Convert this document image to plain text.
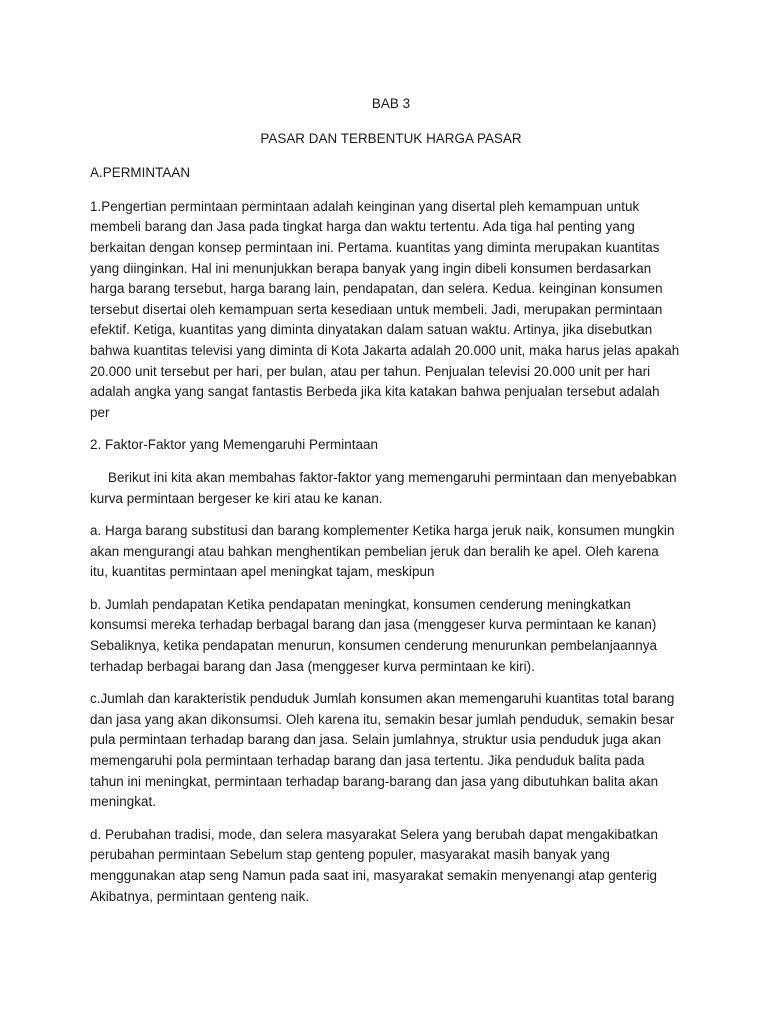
BAB 3
PASAR DAN TERBENTUK HARGA PASAR
A.PERMINTAAN

1.Pengertian permintaan permintaan adalah keinginan yang disertal pleh kemampuan untuk membeli barang dan Jasa pada tingkat harga dan waktu tertentu. Ada tiga hal penting yang berkaitan dengan konsep permintaan ini. Pertama. kuantitas yang diminta merupakan kuantitas yang diinginkan. Hal ini menunjukkan berapa banyak yang ingin dibeli konsumen berdasarkan harga barang tersebut, harga barang lain, pendapatan, dan selera. Kedua. keinginan konsumen tersebut disertai oleh kemampuan serta kesediaan untuk membeli. Jadi, merupakan permintaan efektif. Ketiga, kuantitas yang diminta dinyatakan dalam satuan waktu. Artinya, jika disebutkan bahwa kuantitas televisi yang diminta di Kota Jakarta adalah 20.000 unit, maka harus jelas apakah 20.000 unit tersebut per hari, per bulan, atau per tahun. Penjualan televisi 20.000 unit per hari adalah angka yang sangat fantastis Berbeda jika kita katakan bahwa penjualan tersebut adalah per

2. Faktor-Faktor yang Memengaruhi Permintaan

Berikut ini kita akan membahas faktor-faktor yang memengaruhi permintaan dan menyebabkan kurva permintaan bergeser ke kiri atau ke kanan.

a. Harga barang substitusi dan barang komplementer Ketika harga jeruk naik, konsumen mungkin akan mengurangi atau bahkan menghentikan pembelian jeruk dan beralih ke apel. Oleh karena itu, kuantitas permintaan apel meningkat tajam, meskipun

b. Jumlah pendapatan Ketika pendapatan meningkat, konsumen cenderung meningkatkan konsumsi mereka terhadap berbagal barang dan jasa (menggeser kurva permintaan ke kanan) Sebaliknya, ketika pendapatan menurun, konsumen cenderung menurunkan pembelanjaannya terhadap berbagai barang dan Jasa (menggeser kurva permintaan ke kiri).

c.Jumlah dan karakteristik penduduk Jumlah konsumen akan memengaruhi kuantitas total barang dan jasa yang akan dikonsumsi. Oleh karena itu, semakin besar jumlah penduduk, semakin besar pula permintaan terhadap barang dan jasa. Selain jumlahnya, struktur usia penduduk juga akan memengaruhi pola permintaan terhadap barang dan jasa tertentu. Jika penduduk balita pada tahun ini meningkat, permintaan terhadap barang-barang dan jasa yang dibutuhkan balita akan meningkat.

d. Perubahan tradisi, mode, dan selera masyarakat Selera yang berubah dapat mengakibatkan perubahan permintaan Sebelum stap genteng populer, masyarakat masih banyak yang menggunakan atap seng Namun pada saat ini, masyarakat semakin menyenangi atap genterig Akibatnya, permintaan genteng naik.
